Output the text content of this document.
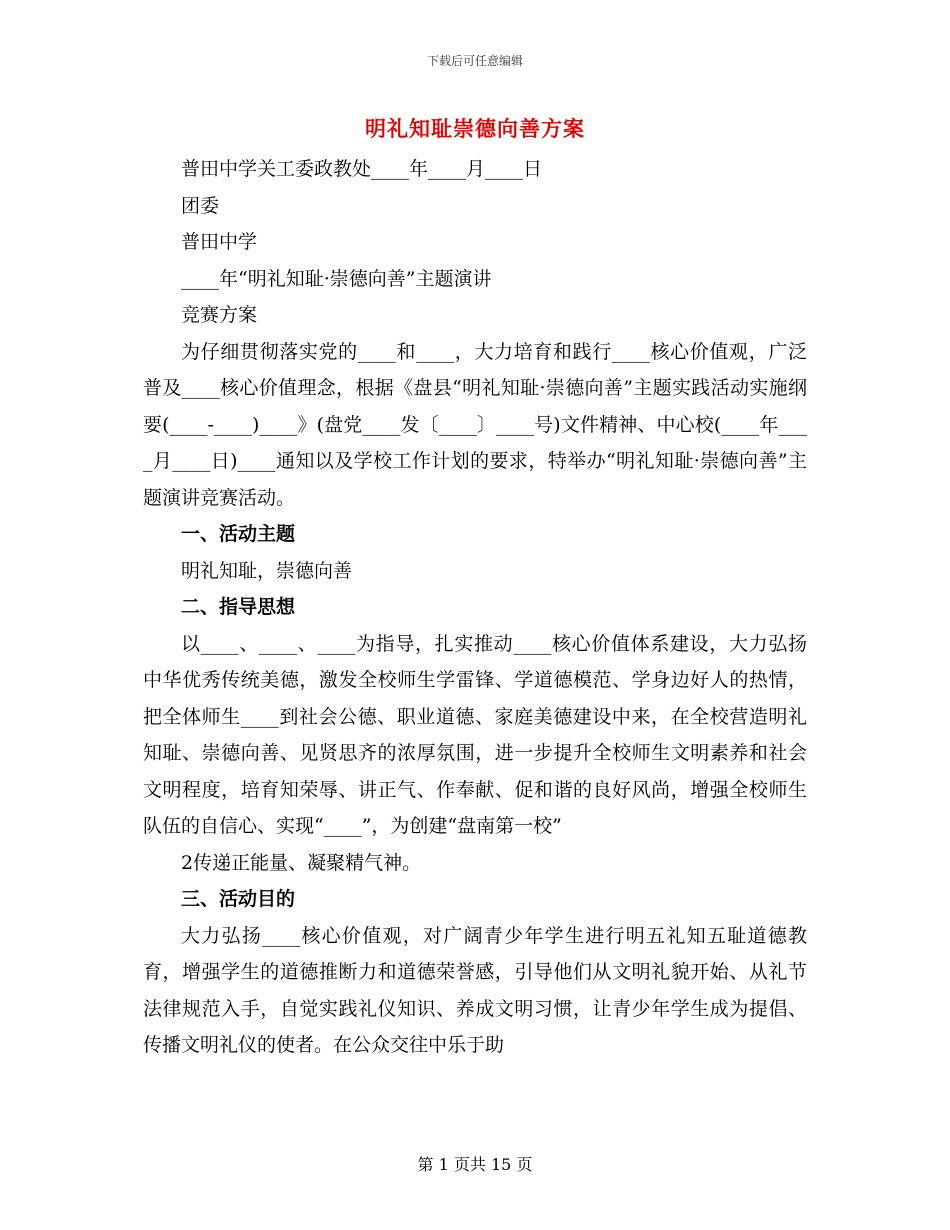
下载后可任意编辑
明礼知耻崇德向善方案

普田中学关工委政教处____年____月____日

团委

普田中学

____年“明礼知耻·崇德向善”主题演讲

竞赛方案

为仔细贯彻落实党的____和____，大力培育和践行____核心价值观，广泛普及____核心价值理念，根据《盘县“明礼知耻·崇德向善”主题实践活动实施纲要(____-____)____》(盘党____发〔____〕____号)文件精神、中心校(____年____月____日)____通知以及学校工作计划的要求，特举办“明礼知耻·崇德向善”主题演讲竞赛活动。

一、活动主题

明礼知耻，崇德向善

二、指导思想

以____、____、____为指导，扎实推动____核心价值体系建设，大力弘扬中华优秀传统美德，激发全校师生学雷锋、学道德模范、学身边好人的热情，把全体师生____到社会公德、职业道德、家庭美德建设中来，在全校营造明礼知耻、崇德向善、见贤思齐的浓厚氛围，进一步提升全校师生文明素养和社会文明程度，培育知荣辱、讲正气、作奉献、促和谐的良好风尚，增强全校师生队伍的自信心、实现“____”，为创建“盘南第一校”

2传递正能量、凝聚精气神。

三、活动目的

大力弘扬____核心价值观，对广阔青少年学生进行明五礼知五耻道德教育，增强学生的道德推断力和道德荣誉感，引导他们从文明礼貌开始、从礼节法律规范入手，自觉实践礼仪知识、养成文明习惯，让青少年学生成为提倡、传播文明礼仪的使者。在公众交往中乐于助

第 1 页共 15 页
